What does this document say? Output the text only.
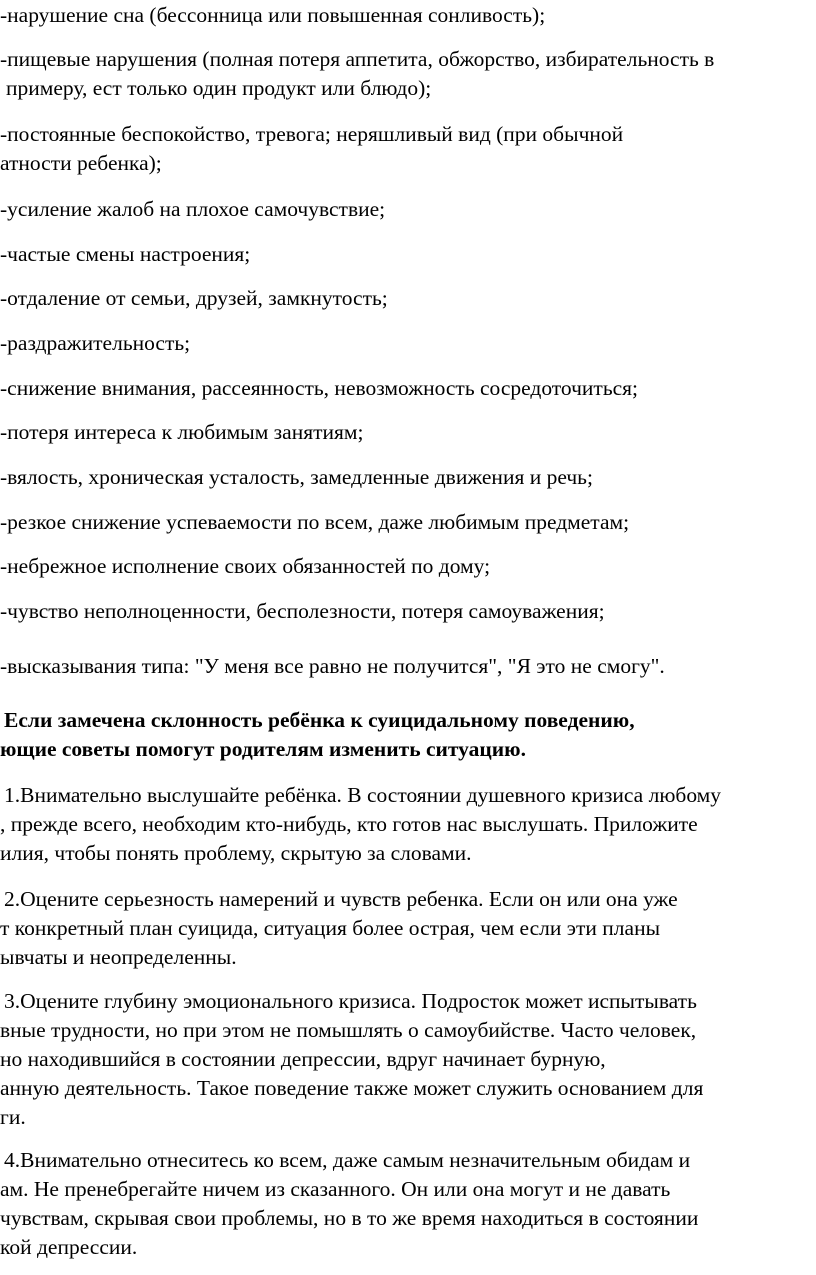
-нарушение сна (бессонница или повышенная сонливость);
-пищевые нарушения (полная потеря аппетита, обжорство, избирательность в
примеру, ест только один продукт или блюдо);
-постоянные беспокойство, тревога; неряшливый вид (при обычной
атности ребенка);
-усиление жалоб на плохое самочувствие;
-частые смены настроения;
-отдаление от семьи, друзей, замкнутость;
-раздражительность;
-снижение внимания, рассеянность, невозможность сосредоточиться;
-потеря интереса к любимым занятиям;
-вялость, хроническая усталость, замедленные движения и речь;
-резкое снижение успеваемости по всем, даже любимым предметам;
-небрежное исполнение своих обязанностей по дому;
-чувство неполноценности, бесполезности, потеря самоуважения;
-высказывания типа: "У меня все равно не получится", "Я это не смогу".
Если замечена склонность ребёнка к суицидальному поведению,
ющие советы помогут родителям изменить ситуацию.
1.Внимательно выслушайте ребёнка. В состоянии душевного кризиса любому
, прежде всего, необходим кто-нибудь, кто готов нас выслушать. Приложите
илия, чтобы понять проблему, скрытую за словами.
2.Оцените серьезность намерений и чувств ребенка. Если он или она уже
т конкретный план суицида, ситуация более острая, чем если эти планы
ывчаты и неопределенны.
3.Оцените глубину эмоционального кризиса. Подросток может испытывать
вные трудности, но при этом не помышлять о самоубийстве. Часто человек,
но находившийся в состоянии депрессии, вдруг начинает бурную,
анную деятельность. Такое поведение также может служить основанием для
ги.
4.Внимательно отнеситесь ко всем, даже самым незначительным обидам и
ам. Не пренебрегайте ничем из сказанного. Он или она могут и не давать
чувствам, скрывая свои проблемы, но в то же время находиться в состоянии
кой депрессии.
